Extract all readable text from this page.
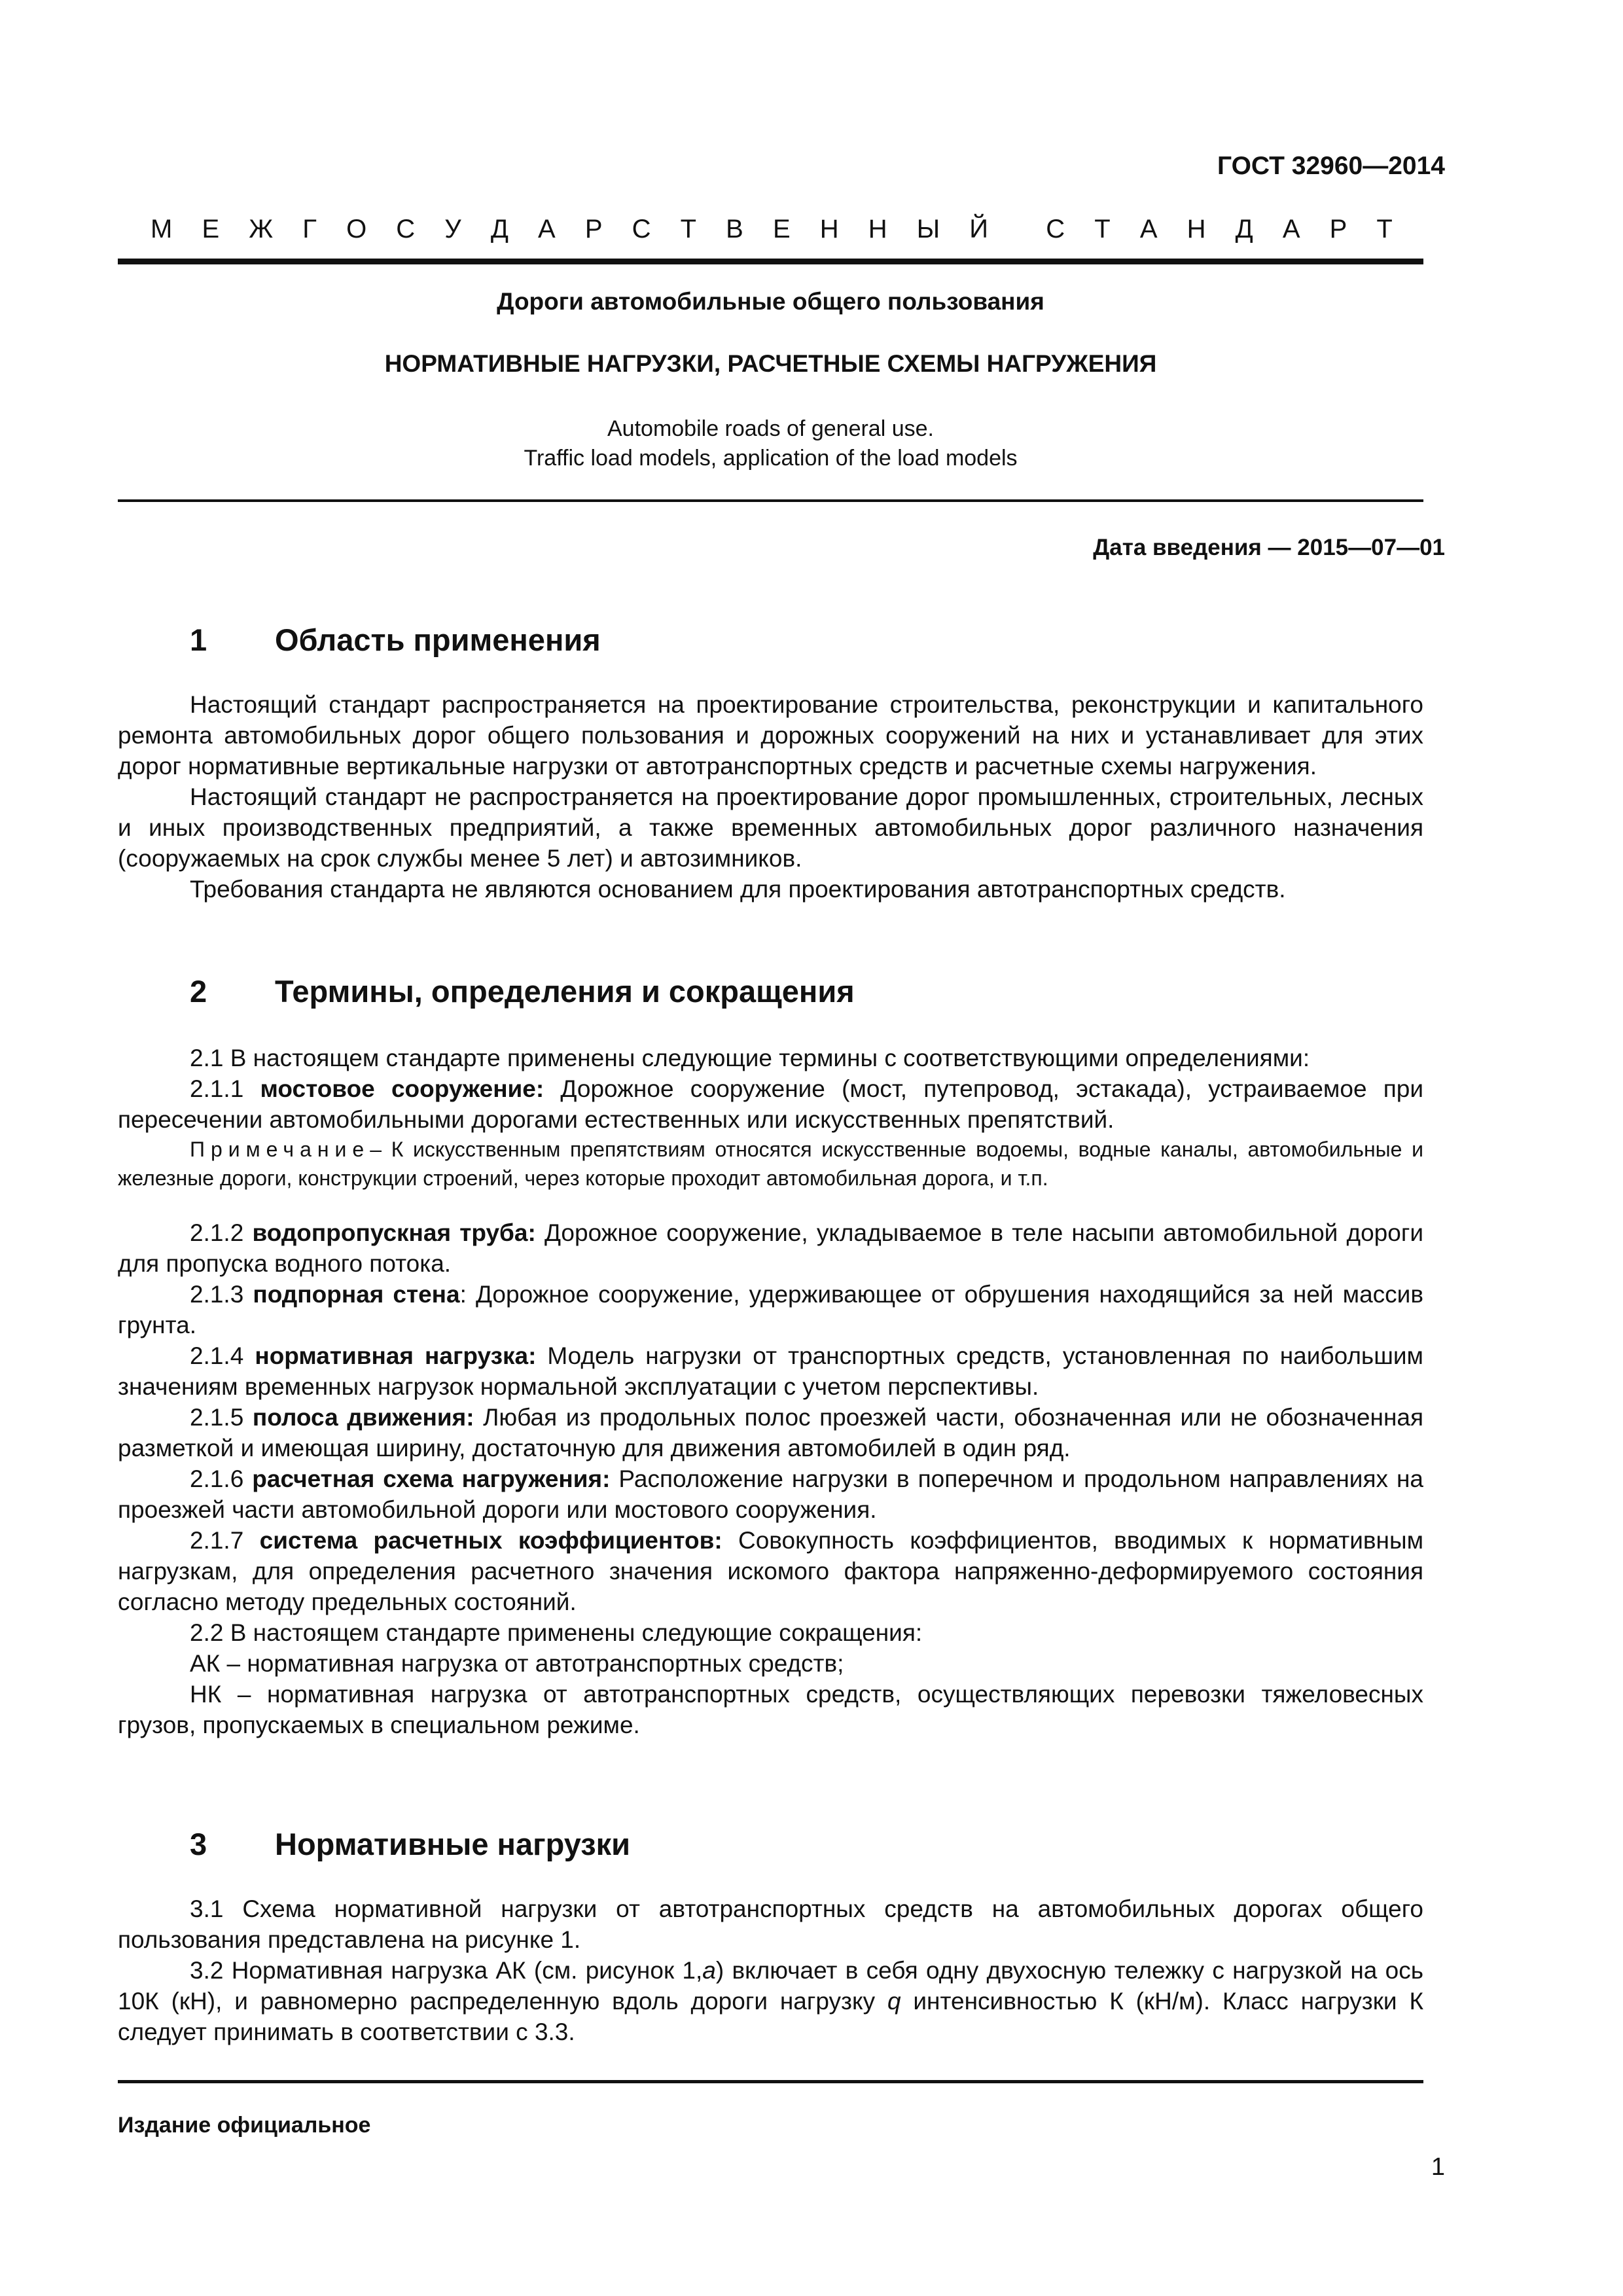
ГОСТ 32960—2014
М Е Ж Г О С У Д А Р С Т В Е Н Н Ы Й С Т А Н Д А Р Т
Дороги автомобильные общего пользования
НОРМАТИВНЫЕ НАГРУЗКИ, РАСЧЕТНЫЕ СХЕМЫ НАГРУЖЕНИЯ
Automobile roads of general use.
Traffic load models, application of the load models
Дата введения — 2015—07—01
1 Область применения

Настоящий стандарт распространяется на проектирование строительства, реконструкции и капитального ремонта автомобильных дорог общего пользования и дорожных сооружений на них и устанавливает для этих дорог нормативные вертикальные нагрузки от автотранспортных средств и расчетные схемы нагружения.

Настоящий стандарт не распространяется на проектирование дорог промышленных, строительных, лесных и иных производственных предприятий, а также временных автомобильных дорог различного назначения (сооружаемых на срок службы менее 5 лет) и автозимников.

Требования стандарта не являются основанием для проектирования автотранспортных средств.

2 Термины, определения и сокращения

2.1 В настоящем стандарте применены следующие термины с соответствующими определениями:

2.1.1 мостовое сооружение: Дорожное сооружение (мост, путепровод, эстакада), устраиваемое при пересечении автомобильными дорогами естественных или искусственных препятствий.

Примечание– К искусственным препятствиям относятся искусственные водоемы, водные каналы, автомобильные и железные дороги, конструкции строений, через которые проходит автомобильная дорога, и т.п.

2.1.2 водопропускная труба: Дорожное сооружение, укладываемое в теле насыпи автомобильной дороги для пропуска водного потока.

2.1.3 подпорная стена: Дорожное сооружение, удерживающее от обрушения находящийся за ней массив грунта.

2.1.4 нормативная нагрузка: Модель нагрузки от транспортных средств, установленная по наибольшим значениям временных нагрузок нормальной эксплуатации с учетом перспективы.

2.1.5 полоса движения: Любая из продольных полос проезжей части, обозначенная или не обозначенная разметкой и имеющая ширину, достаточную для движения автомобилей в один ряд.

2.1.6 расчетная схема нагружения: Расположение нагрузки в поперечном и продольном направлениях на проезжей части автомобильной дороги или мостового сооружения.

2.1.7 система расчетных коэффициентов: Совокупность коэффициентов, вводимых к нормативным нагрузкам, для определения расчетного значения искомого фактора напряженно-деформируемого состояния согласно методу предельных состояний.

2.2 В настоящем стандарте применены следующие сокращения:

АК – нормативная нагрузка от автотранспортных средств;

НК – нормативная нагрузка от автотранспортных средств, осуществляющих перевозки тяжеловесных грузов, пропускаемых в специальном режиме.

3 Нормативные нагрузки

3.1 Схема нормативной нагрузки от автотранспортных средств на автомобильных дорогах общего пользования представлена на рисунке 1.

3.2 Нормативная нагрузка АК (см. рисунок 1,а) включает в себя одну двухосную тележку с нагрузкой на ось 10К (кН), и равномерно распределенную вдоль дороги нагрузку q интенсивностью К (кН/м). Класс нагрузки К следует принимать в соответствии с 3.3.

Издание официальное
1
